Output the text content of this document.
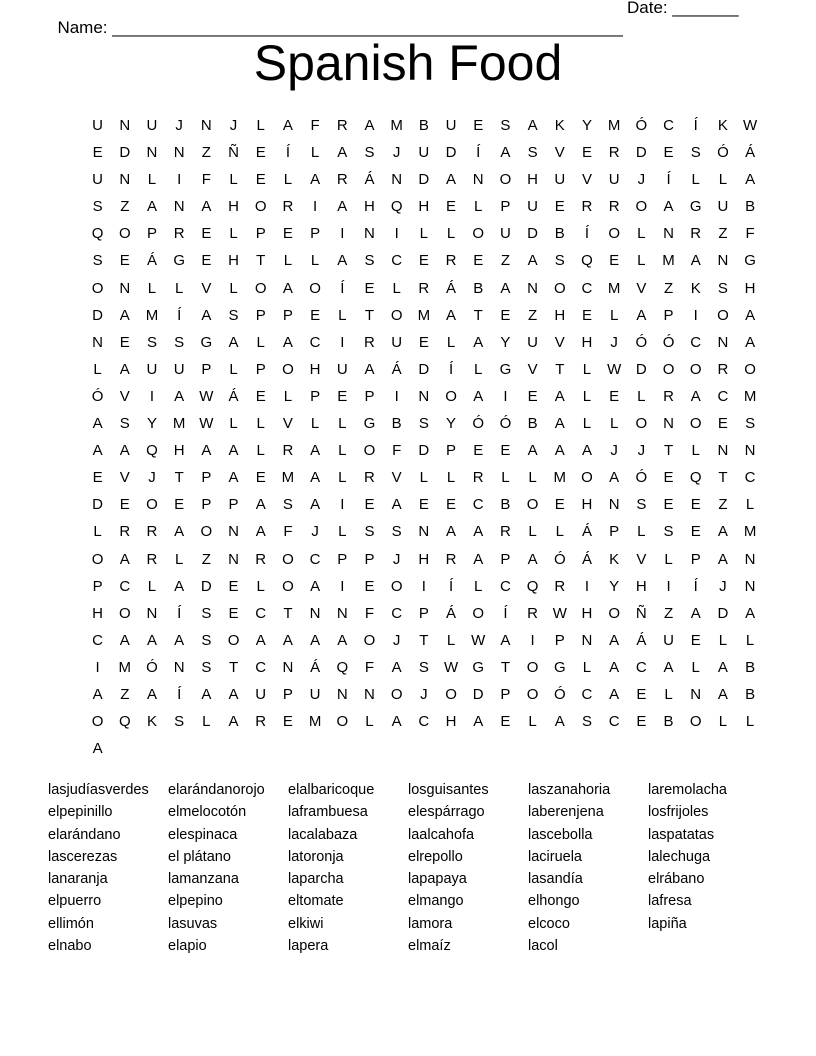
Name: ______________________________________________________

Date: _______

Spanish Food
U	N	U	J	N	J	L	A	F	R	A	M	B	U	E	S	A	K	Y	M	Ó	C	Í	K	W
E	D	N	N	Z	Ñ	E	Í	L	A	S	J	U	D	Í	A	S	V	E	R	D	E	S	Ó	Á
U	N	L	I	F	L	E	L	A	R	Á	N	D	A	N	O	H	U	V	U	J	Í	L	L	A
S	Z	A	N	A	H	O	R	I	A	H	Q	H	E	L	P	U	E	R	R	O	A	G	U	B
Q	O	P	R	E	L	P	E	P	I	N	I	L	L	O	U	D	B	Í	O	L	N	R	Z	F
S	E	Á	G	E	H	T	L	L	A	S	C	E	R	E	Z	A	S	Q	E	L	M	A	N	G
O	N	L	L	V	L	O	A	O	Í	E	L	R	Á	B	A	N	O	C	M	V	Z	K	S	H
D	A	M	Í	A	S	P	P	E	L	T	O	M	A	T	E	Z	H	E	L	A	P	I	O	A
N	E	S	S	G	A	L	A	C	I	R	U	E	L	A	Y	U	V	H	J	Ó	Ó	C	N	A
L	A	U	U	P	L	P	O	H	U	A	Á	D	Í	L	G	V	T	L	W D	O	O	R	O
Ó	V	I	A	W	Á	E	L	P	E	P	I	N	O	A	I	E	A	L	E	L	R	A	C	M
A	S	Y	M W	L	L	V	L	L	G	B	S	Y	Ó	Ó	B	A	L	L	O	N	O	E	S
A	A	Q	H	A	A	L	R	A	L	O	F	D	P	E	E	A	A	A	J	J	T	L	N	N
E	V	J	T	P	A	E	M	A	L	R	V	L	L	R	L	L	M	O	A	Ó	E	Q	T	C
D	E	O	E	P	P	A	S	A	I	E	A	E	E	C	B	O	E	H	N	S	E	E	Z	L
L	R	R	A	O	N	A	F	J	L	S	S	N	A	A	R	L	L	Á	P	L	S	E	A	M
O	A	R	L	Z	N	R	O	C	P	P	J	H	R	A	P	A	Ó	Á	K	V	L	P	A	N
P	C	L	A	D	E	L	O	A	I	E	O	I	Í	L	C	Q	R	I	Y	H	I	Í	J	N
H	O	N	Í	S	E	C	T	N	N	F	C	P	Á	O	Í	R W H	O	Ñ	Z	A	D	A
C	A	A	A	S	O	A	A	A	A	O	J	T	L	W	A	I	P	N	A	Á	U	E	L	L
I	M	Ó	N	S	T	C	N	Á	Q	F	A	S	W G	T	O	G	L	A	C	A	L	A	B
A	Z	A	Í	A	A	U	P	U	N	N	O	J	O	D	P	O	Ó	C	A	E	L	N	A	B
O	Q	K	S	L	A	R	E	M	O	L	A	C	H	A	E	L	A	S	C	E	B	O	L	L
A
lasjudíasverdes	elarándanorojo	elalbaricoque	losguisantes	laszanahoria	laremolacha
elpepinillo	elmelocotón	laframbuesa	elespárrago	laberenjena	losfrijoles
elarándano	elespinaca	lacalabaza	laalcahofa	lascebolla	laspatatas
lascerezas	el plátano	latoronja	elrepollo	laciruela	lalechuga
lanaranja	lamanzana	laparcha	lapapaya	lasandía	elrábano
elpuerro	elpepino	eltomate	elmango	elhongo	lafresa
ellimón	lasuvas	elkiwi	lamora	elcoco	lapiña
elnabo	elapio	lapera	elmaíz	lacol
